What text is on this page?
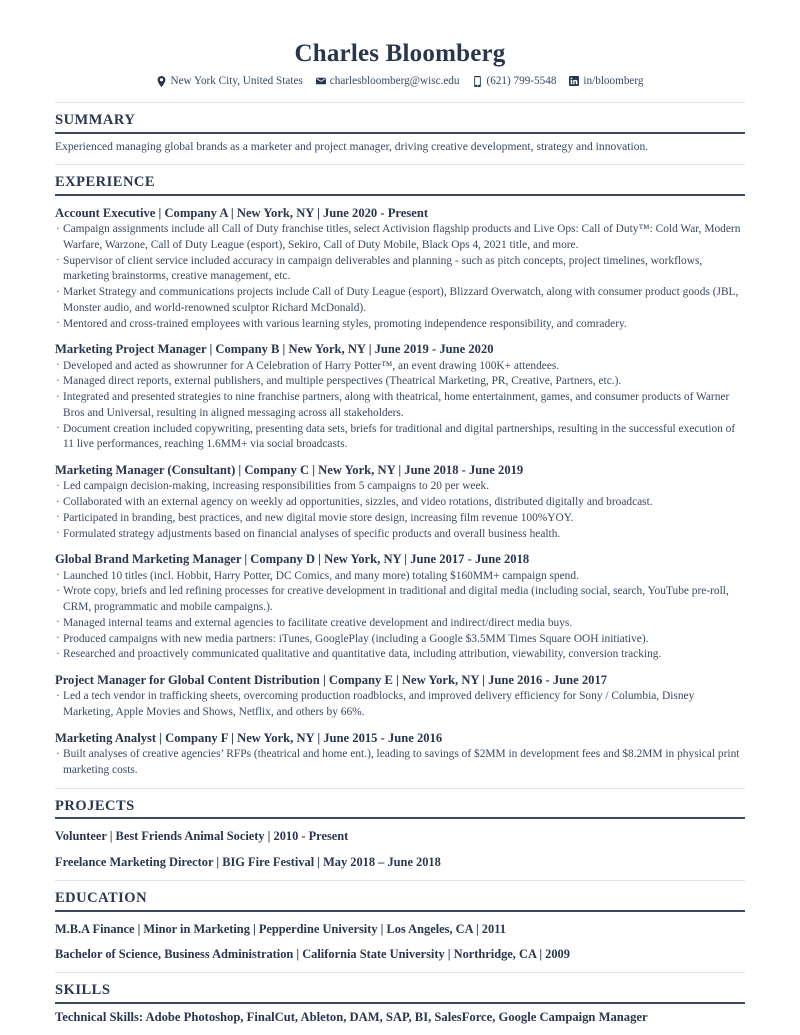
Charles Bloomberg
New York City, United States charlesbloomberg@wisc.edu (621) 799-5548 in/bloomberg
SUMMARY
Experienced managing global brands as a marketer and project manager, driving creative development, strategy and innovation.
EXPERIENCE
Account Executive | Company A | New York, NY | June 2020 - Present
· Campaign assignments include all Call of Duty franchise titles, select Activision flagship products and Live Ops: Call of Duty™: Cold War, Modern Warfare, Warzone, Call of Duty League (esport), Sekiro, Call of Duty Mobile, Black Ops 4, 2021 title, and more.
· Supervisor of client service included accuracy in campaign deliverables and planning - such as pitch concepts, project timelines, workflows, marketing brainstorms, creative management, etc.
· Market Strategy and communications projects include Call of Duty League (esport), Blizzard Overwatch, along with consumer product goods (JBL, Monster audio, and world-renowned sculptor Richard McDonald).
· Mentored and cross-trained employees with various learning styles, promoting independence responsibility, and comradery.
Marketing Project Manager | Company B | New York, NY | June 2019 - June 2020
· Developed and acted as showrunner for A Celebration of Harry Potter™, an event drawing 100K+ attendees.
· Managed direct reports, external publishers, and multiple perspectives (Theatrical Marketing, PR, Creative, Partners, etc.).
· Integrated and presented strategies to nine franchise partners, along with theatrical, home entertainment, games, and consumer products of Warner Bros and Universal, resulting in aligned messaging across all stakeholders.
· Document creation included copywriting, presenting data sets, briefs for traditional and digital partnerships, resulting in the successful execution of 11 live performances, reaching 1.6MM+ via social broadcasts.
Marketing Manager (Consultant) | Company C | New York, NY | June 2018 - June 2019
· Led campaign decision-making, increasing responsibilities from 5 campaigns to 20 per week.
· Collaborated with an external agency on weekly ad opportunities, sizzles, and video rotations, distributed digitally and broadcast.
· Participated in branding, best practices, and new digital movie store design, increasing film revenue 100%YOY.
· Formulated strategy adjustments based on financial analyses of specific products and overall business health.
Global Brand Marketing Manager | Company D | New York, NY | June 2017 - June 2018
· Launched 10 titles (incl. Hobbit, Harry Potter, DC Comics, and many more) totaling $160MM+ campaign spend.
· Wrote copy, briefs and led refining processes for creative development in traditional and digital media (including social, search, YouTube pre-roll, CRM, programmatic and mobile campaigns.).
· Managed internal teams and external agencies to facilitate creative development and indirect/direct media buys.
· Produced campaigns with new media partners: iTunes, GooglePlay (including a Google $3.5MM Times Square OOH initiative).
· Researched and proactively communicated qualitative and quantitative data, including attribution, viewability, conversion tracking.
Project Manager for Global Content Distribution | Company E | New York, NY | June 2016 - June 2017
· Led a tech vendor in trafficking sheets, overcoming production roadblocks, and improved delivery efficiency for Sony / Columbia, Disney Marketing, Apple Movies and Shows, Netflix, and others by 66%.
Marketing Analyst | Company F | New York, NY | June 2015 - June 2016
· Built analyses of creative agencies’ RFPs (theatrical and home ent.), leading to savings of $2MM in development fees and $8.2MM in physical print marketing costs.
PROJECTS
Volunteer | Best Friends Animal Society | 2010 - Present
Freelance Marketing Director | BIG Fire Festival | May 2018 – June 2018
EDUCATION
M.B.A Finance | Minor in Marketing | Pepperdine University | Los Angeles, CA | 2011
Bachelor of Science, Business Administration | California State University | Northridge, CA | 2009
SKILLS
Technical Skills: Adobe Photoshop, FinalCut, Ableton, DAM, SAP, BI, SalesForce, Google Campaign Manager
